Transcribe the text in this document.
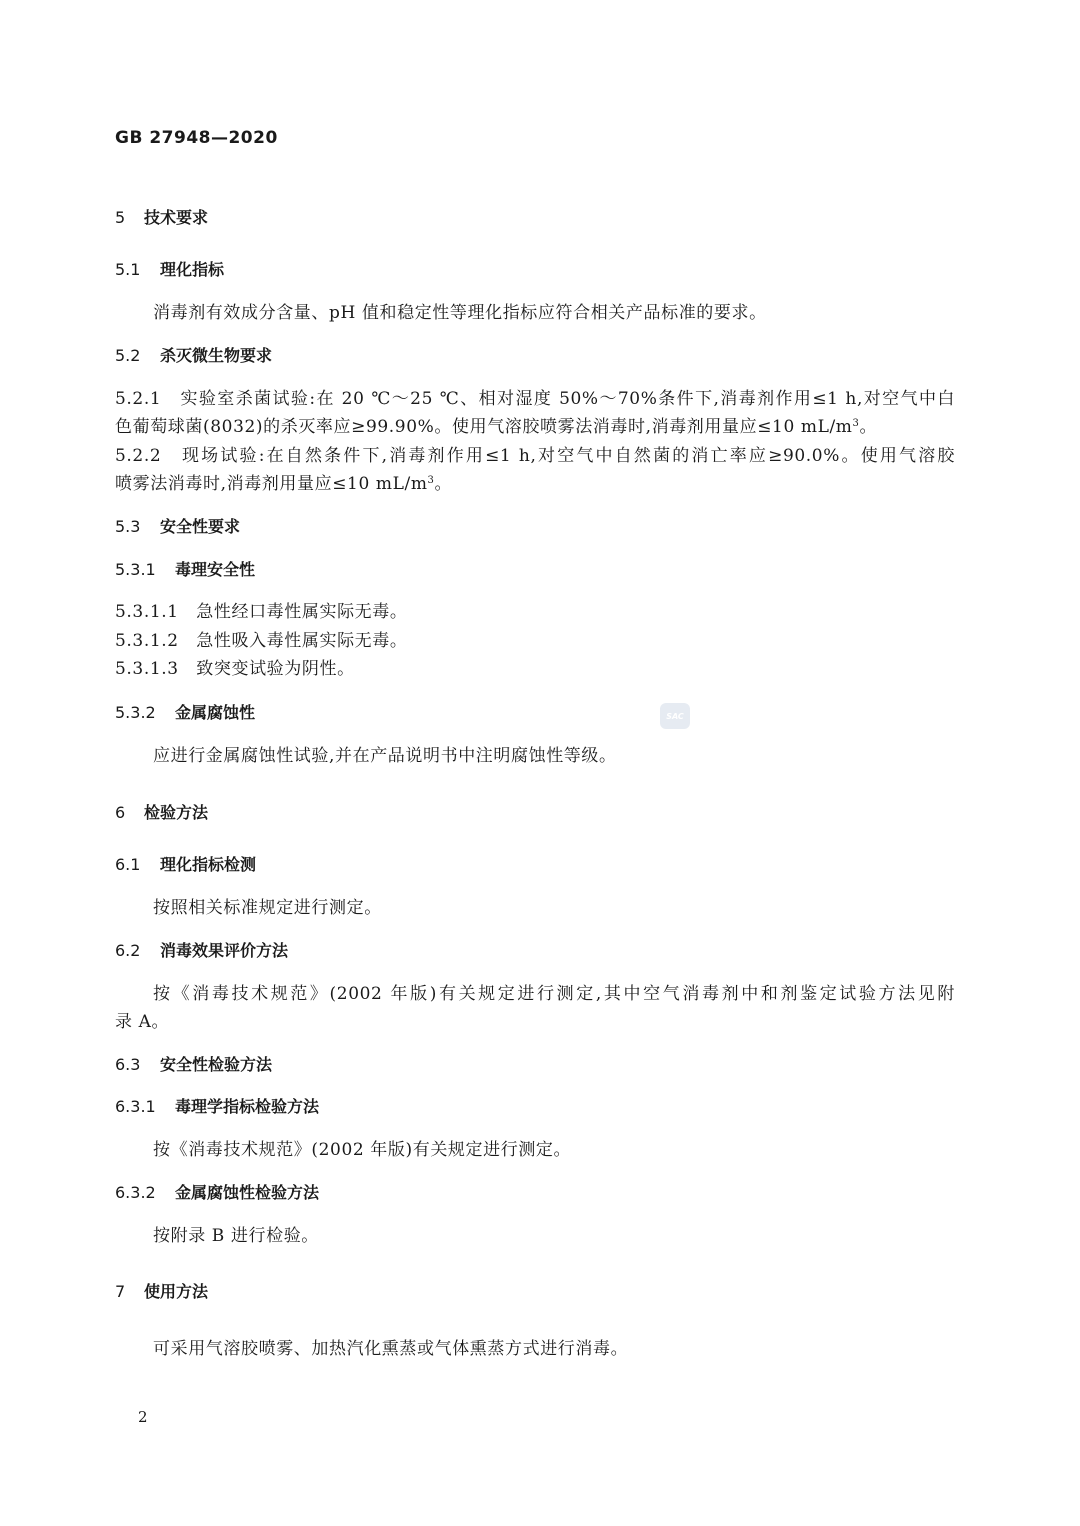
GB 27948—2020
5 技术要求
5.1 理化指标
消毒剂有效成分含量、pH 值和稳定性等理化指标应符合相关产品标准的要求。
5.2 杀灭微生物要求
5.2.1　实验室杀菌试验:在 20 ℃～25 ℃、相对湿度 50%～70%条件下,消毒剂作用≤1 h,对空气中白
色葡萄球菌(8032)的杀灭率应≥99.90%。使用气溶胶喷雾法消毒时,消毒剂用量应≤10 $mL/m^3$。
5.2.2　现场试验:在自然条件下,消毒剂作用≤1 h,对空气中自然菌的消亡率应≥90.0%。使用气溶胶
喷雾法消毒时,消毒剂用量应≤10 $mL/m^3$。
5.3 安全性要求
5.3.1 毒理安全性
5.3.1.1　急性经口毒性属实际无毒。
5.3.1.2　急性吸入毒性属实际无毒。
5.3.1.3　致突变试验为阴性。
5.3.2 金属腐蚀性	SAC
应进行金属腐蚀性试验,并在产品说明书中注明腐蚀性等级。
6 检验方法
6.1 理化指标检测
按照相关标准规定进行测定。
6.2 消毒效果评价方法
按《消毒技术规范》(2002 年版)有关规定进行测定,其中空气消毒剂中和剂鉴定试验方法见附
录 A。
6.3 安全性检验方法
6.3.1 毒理学指标检验方法
按《消毒技术规范》(2002 年版)有关规定进行测定。
6.3.2 金属腐蚀性检验方法
按附录 B 进行检验。
7 使用方法
可采用气溶胶喷雾、加热汽化熏蒸或气体熏蒸方式进行消毒。
2
